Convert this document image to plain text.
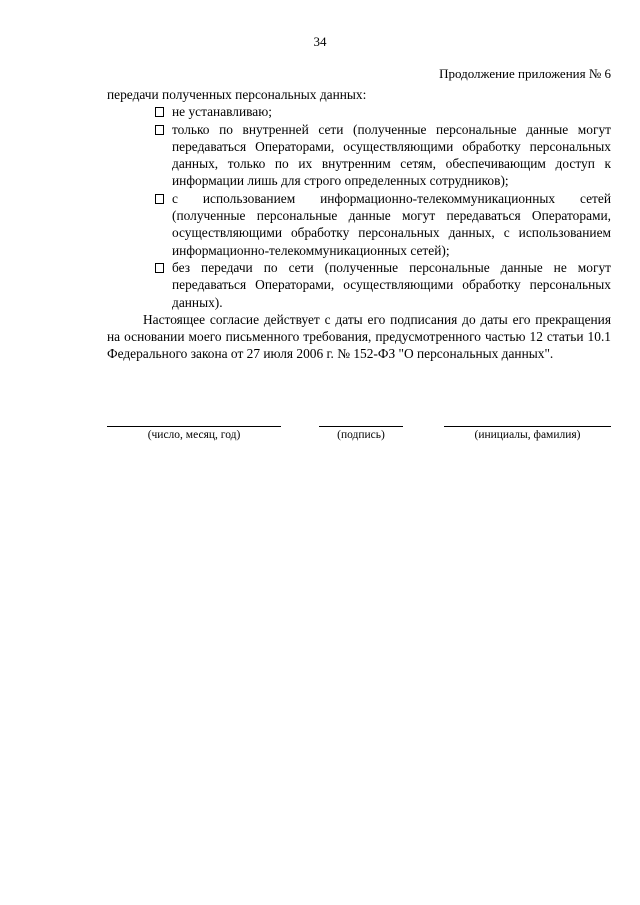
34
Продолжение приложения № 6
передачи полученных персональных данных:
не устанавливаю;
только по внутренней сети (полученные персональные данные могут передаваться Операторами, осуществляющими обработку персональных данных, только по их внутренним сетям, обеспечивающим доступ к информации лишь для строго определенных сотрудников);
с использованием информационно-телекоммуникационных сетей (полученные персональные данные могут передаваться Операторами, осуществляющими обработку персональных данных, с использованием информационно-телекоммуникационных сетей);
без передачи по сети (полученные персональные данные не могут передаваться Операторами, осуществляющими обработку персональных данных).

Настоящее согласие действует с даты его подписания до даты его прекращения на основании моего письменного требования, предусмотренного частью 12 статьи 10.1 Федерального закона от 27 июля 2006 г. № 152-ФЗ "О персональных данных".

(число, месяц, год)	(подпись)	(инициалы, фамилия)
